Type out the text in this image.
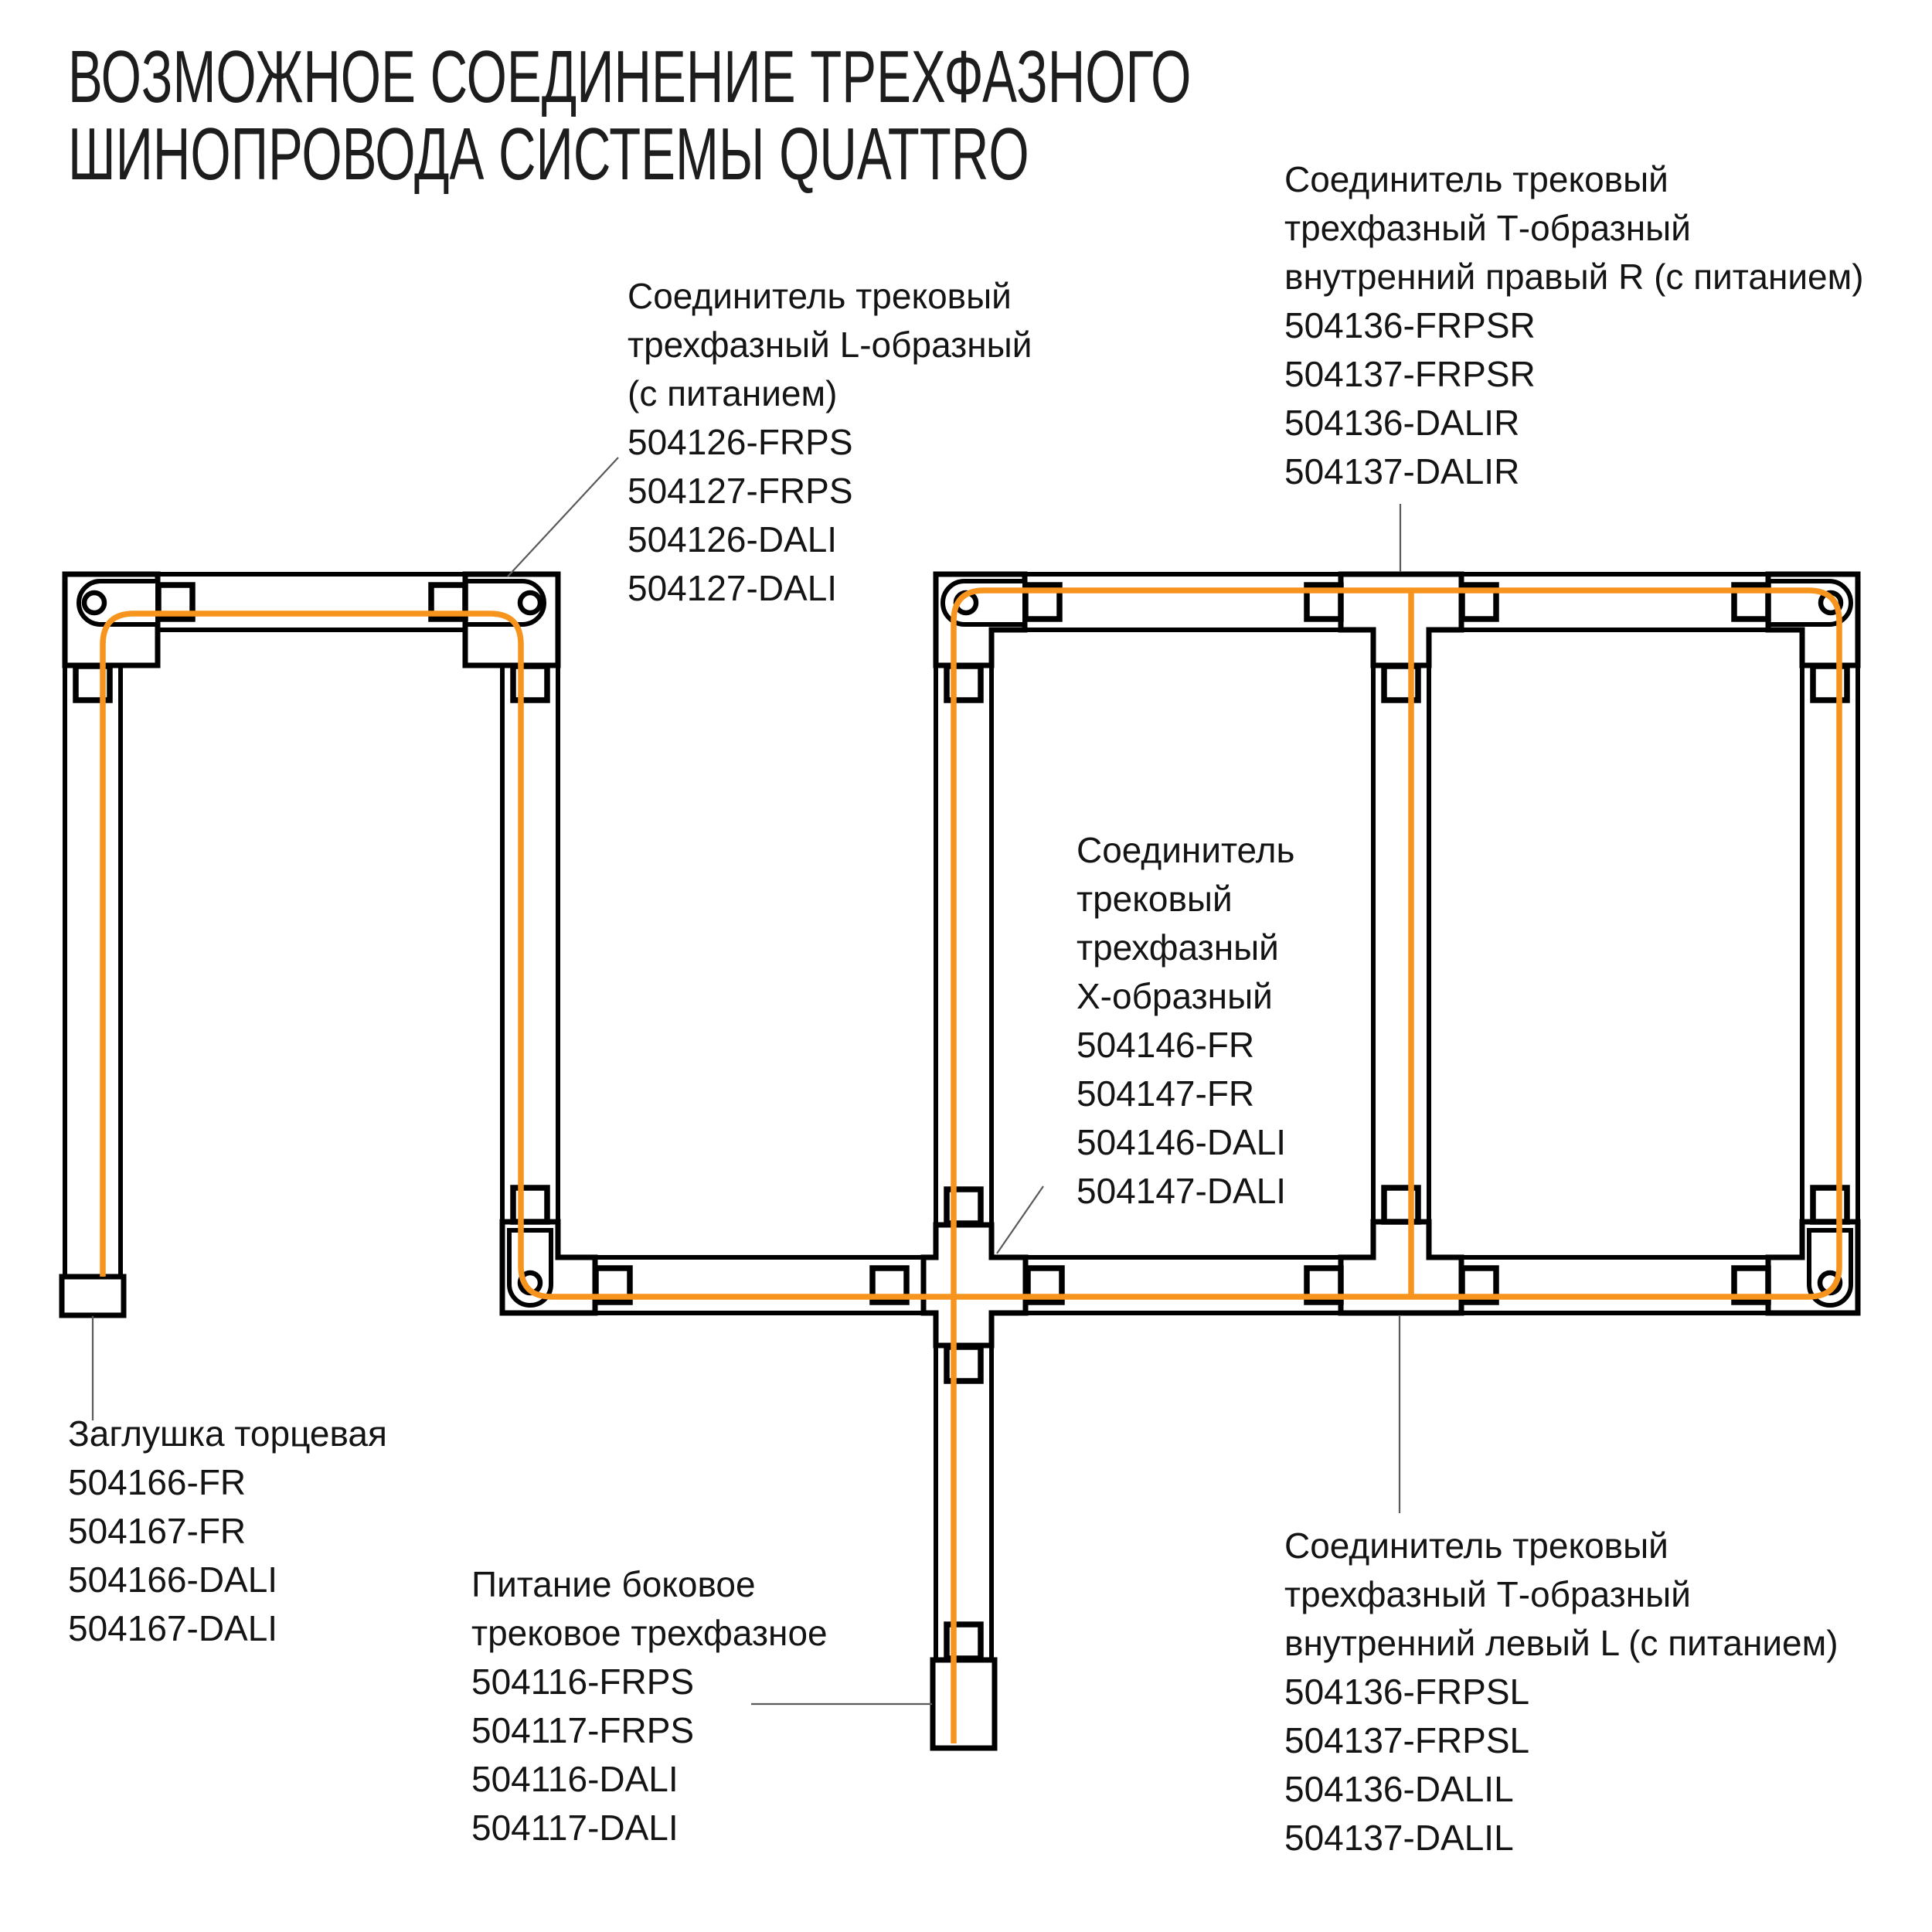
ВОЗМОЖНОЕ СОЕДИНЕНИЕ ТРЕХФАЗНОГО
ШИНОПРОВОДА СИСТЕМЫ QUATTRO
Соединитель трековый
трехфазный L-образный
(с питанием)
504126-FRPS
504127-FRPS
504126-DALI
504127-DALI
Соединитель трековый
трехфазный Т-образный
внутренний правый R (с питанием)
504136-FRPSR
504137-FRPSR
504136-DALIR
504137-DALIR
Соединитель
трековый
трехфазный
Х-образный
504146-FR
504147-FR
504146-DALI
504147-DALI
Заглушка торцевая
504166-FR
504167-FR
504166-DALI
504167-DALI
Питание боковое
трековое трехфазное
504116-FRPS
504117-FRPS
504116-DALI
504117-DALI
Соединитель трековый
трехфазный Т-образный
внутренний левый L (с питанием)
504136-FRPSL
504137-FRPSL
504136-DALIL
504137-DALIL
